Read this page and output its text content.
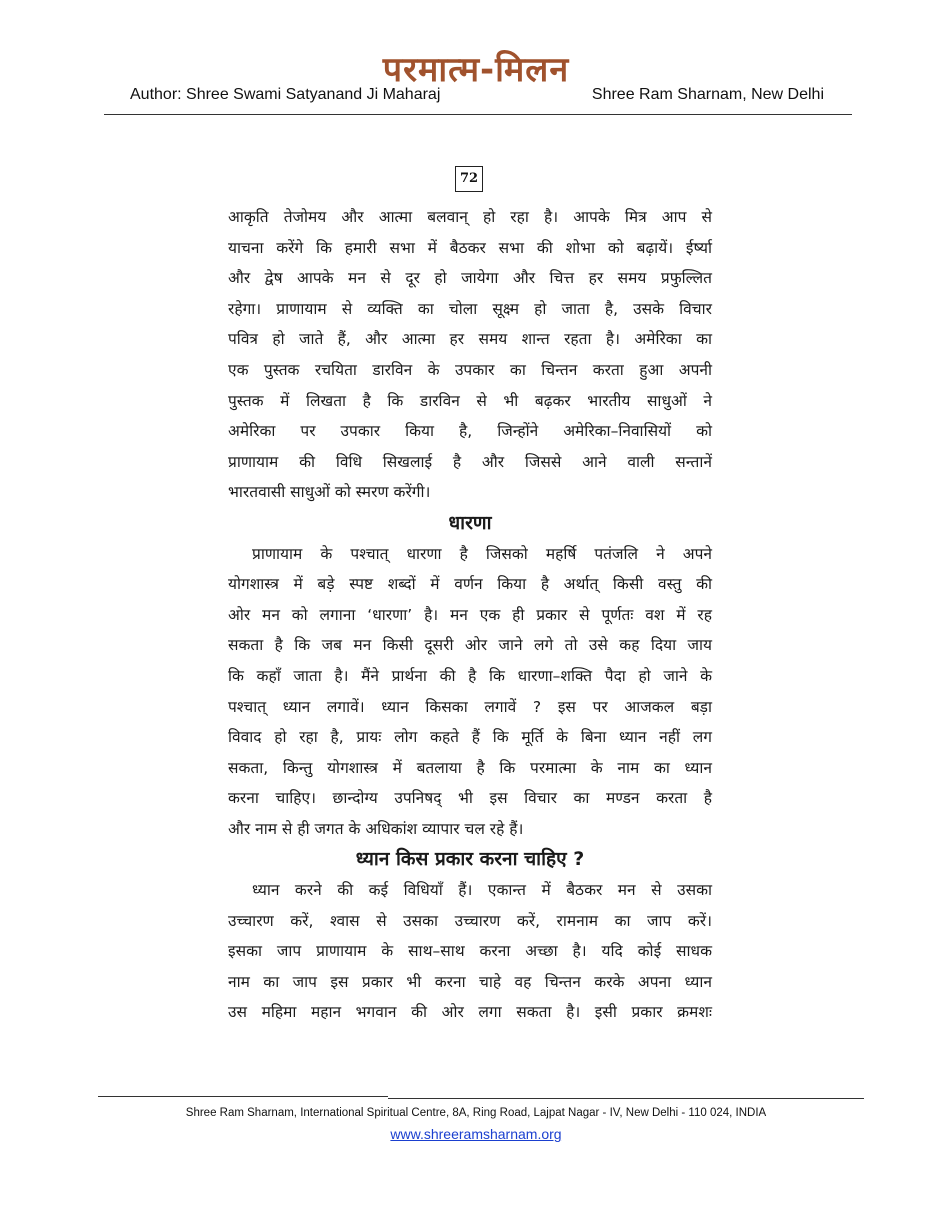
परमात्म-मिलन
Author: Shree Swami Satyanand Ji Maharaj	Shree Ram Sharnam, New Delhi
72
आकृति तेजोमय और आत्मा बलवान् हो रहा है। आपके मित्र आप से
याचना करेंगे कि हमारी सभा में बैठकर सभा की शोभा को बढ़ायें। ईर्ष्या
और द्वेष आपके मन से दूर हो जायेगा और चित्त हर समय प्रफुल्लित
रहेगा। प्राणायाम से व्यक्ति का चोला सूक्ष्म हो जाता है, उसके विचार
पवित्र हो जाते हैं, और आत्मा हर समय शान्त रहता है। अमेरिका का
एक पुस्तक रचयिता डारविन के उपकार का चिन्तन करता हुआ अपनी
पुस्तक में लिखता है कि डारविन से भी बढ़कर भारतीय साधुओं ने
अमेरिका पर उपकार किया है, जिन्होंने अमेरिका–निवासियों को
प्राणायाम की विधि सिखलाई है और जिससे आने वाली सन्तानें
भारतवासी साधुओं को स्मरण करेंगी।
धारणा
प्राणायाम के पश्चात् धारणा है जिसको महर्षि पतंजलि ने अपने
योगशास्त्र में बड़े स्पष्ट शब्दों में वर्णन किया है अर्थात् किसी वस्तु की
ओर मन को लगाना ‘धारणा’ है। मन एक ही प्रकार से पूर्णतः वश में रह
सकता है कि जब मन किसी दूसरी ओर जाने लगे तो उसे कह दिया जाय
कि कहाँ जाता है। मैंने प्रार्थना की है कि धारणा–शक्ति पैदा हो जाने के
पश्चात् ध्यान लगावें। ध्यान किसका लगावें ? इस पर आजकल बड़ा
विवाद हो रहा है, प्रायः लोग कहते हैं कि मूर्ति के बिना ध्यान नहीं लग
सकता, किन्तु योगशास्त्र में बतलाया है कि परमात्मा के नाम का ध्यान
करना चाहिए। छान्दोग्य उपनिषद् भी इस विचार का मण्डन करता है
और नाम से ही जगत के अधिकांश व्यापार चल रहे हैं।
ध्यान किस प्रकार करना चाहिए ?
ध्यान करने की कई विधियाँ हैं। एकान्त में बैठकर मन से उसका
उच्चारण करें, श्वास से उसका उच्चारण करें, रामनाम का जाप करें।
इसका जाप प्राणायाम के साथ–साथ करना अच्छा है। यदि कोई साधक
नाम का जाप इस प्रकार भी करना चाहे वह चिन्तन करके अपना ध्यान
उस महिमा महान भगवान की ओर लगा सकता है। इसी प्रकार क्रमशः
Shree Ram Sharnam, International Spiritual Centre, 8A, Ring Road, Lajpat Nagar - IV, New Delhi - 110 024, INDIA
www.shreeramsharnam.org
